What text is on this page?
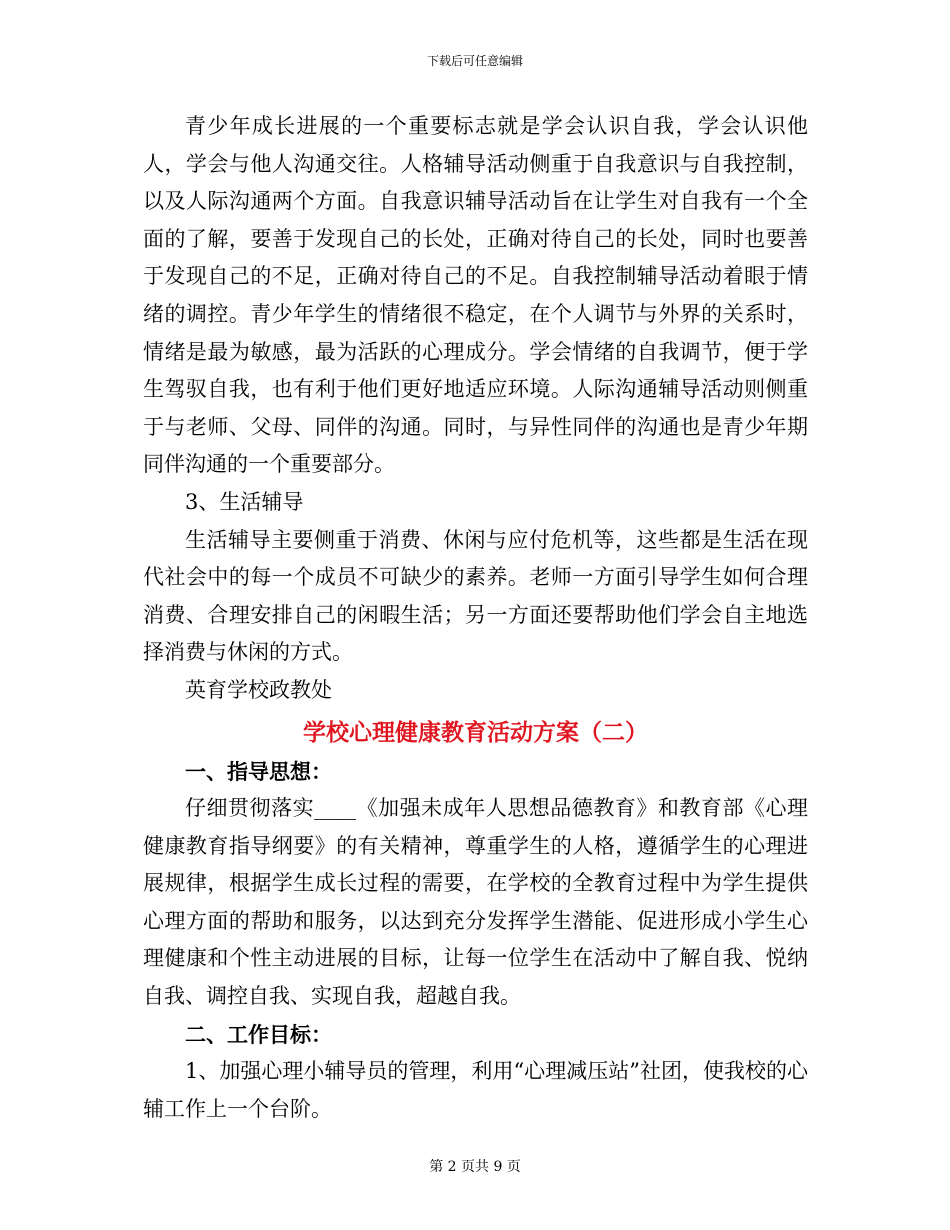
下载后可任意编辑

青少年成长进展的一个重要标志就是学会认识自我，学会认识他人，学会与他人沟通交往。人格辅导活动侧重于自我意识与自我控制，以及人际沟通两个方面。自我意识辅导活动旨在让学生对自我有一个全面的了解，要善于发现自己的长处，正确对待自己的长处，同时也要善于发现自己的不足，正确对待自己的不足。自我控制辅导活动着眼于情绪的调控。青少年学生的情绪很不稳定，在个人调节与外界的关系时，情绪是最为敏感，最为活跃的心理成分。学会情绪的自我调节，便于学生驾驭自我，也有利于他们更好地适应环境。人际沟通辅导活动则侧重于与老师、父母、同伴的沟通。同时，与异性同伴的沟通也是青少年期同伴沟通的一个重要部分。

3、生活辅导

生活辅导主要侧重于消费、休闲与应付危机等，这些都是生活在现代社会中的每一个成员不可缺少的素养。老师一方面引导学生如何合理消费、合理安排自己的闲暇生活；另一方面还要帮助他们学会自主地选择消费与休闲的方式。

英育学校政教处

学校心理健康教育活动方案（二）

一、指导思想：

仔细贯彻落实____《加强未成年人思想品德教育》和教育部《心理健康教育指导纲要》的有关精神，尊重学生的人格，遵循学生的心理进展规律，根据学生成长过程的需要，在学校的全教育过程中为学生提供心理方面的帮助和服务，以达到充分发挥学生潜能、促进形成小学生心理健康和个性主动进展的目标，让每一位学生在活动中了解自我、悦纳自我、调控自我、实现自我，超越自我。

二、工作目标：

1、加强心理小辅导员的管理，利用“心理减压站”社团，使我校的心辅工作上一个台阶。

第 2 页共 9 页
